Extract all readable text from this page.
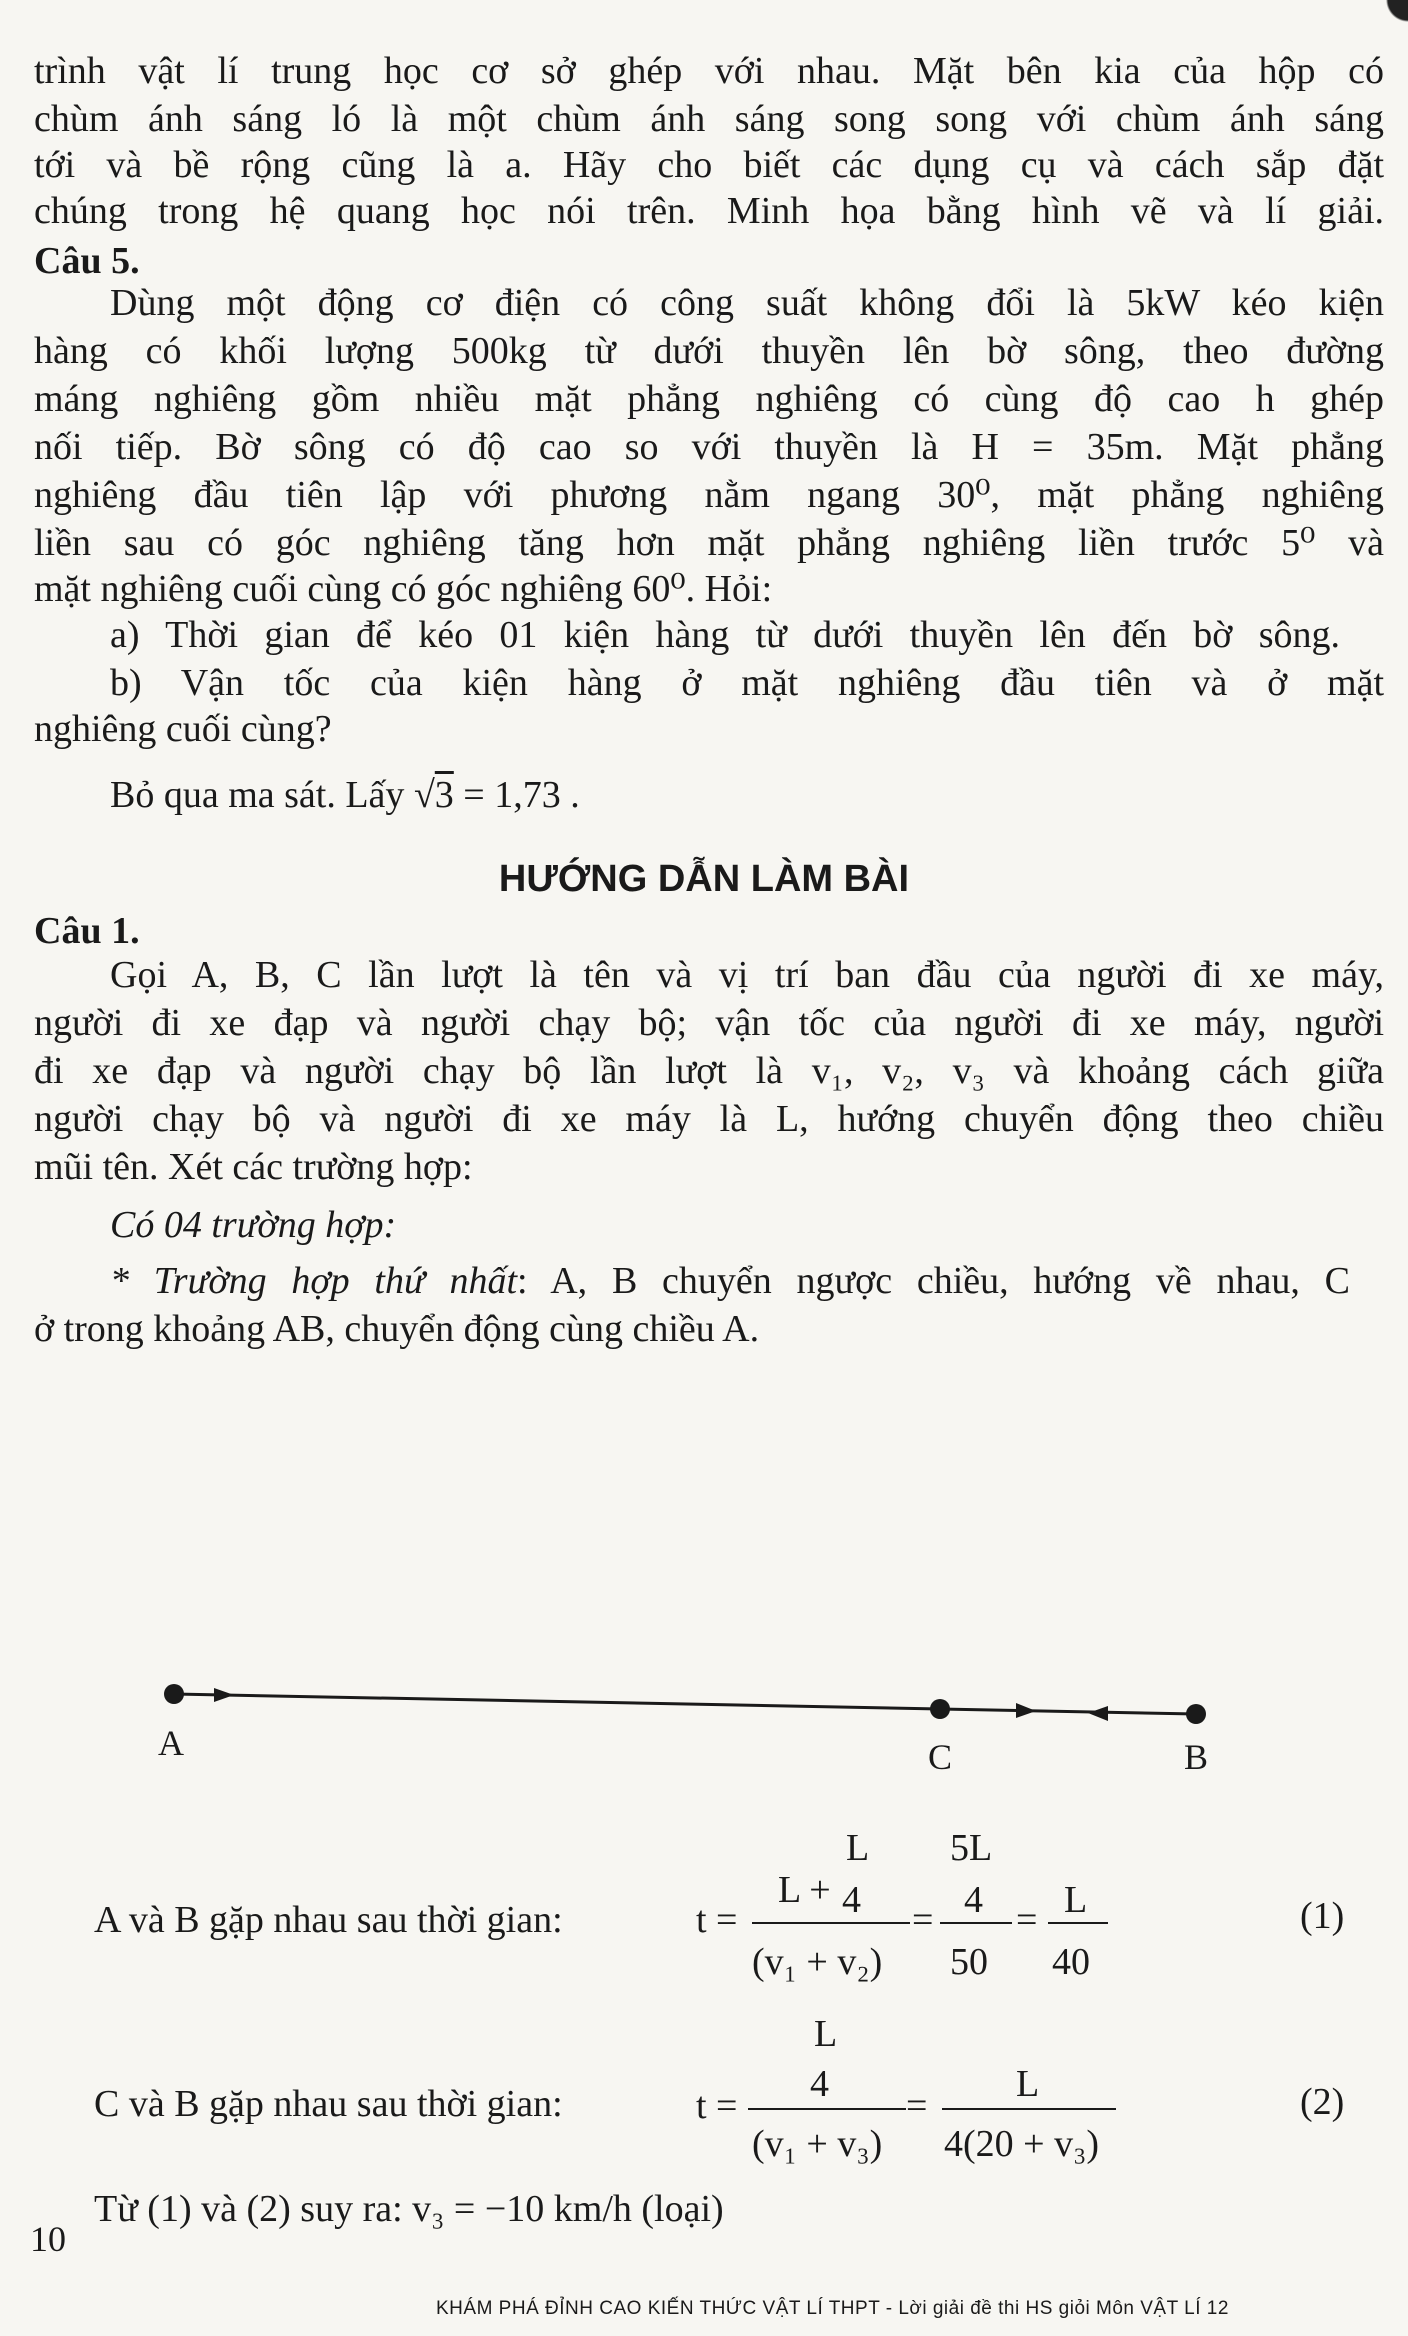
trình vật lí trung học cơ sở ghép với nhau. Mặt bên kia của hộp có
chùm ánh sáng ló là một chùm ánh sáng song song với chùm ánh sáng
tới và bề rộng cũng là a. Hãy cho biết các dụng cụ và cách sắp đặt
chúng trong hệ quang học nói trên. Minh họa bằng hình vẽ và lí giải.
Câu 5.
Dùng một động cơ điện có công suất không đổi là 5kW kéo kiện
hàng có khối lượng 500kg từ dưới thuyền lên bờ sông, theo đường
máng nghiêng gồm nhiều mặt phẳng nghiêng có cùng độ cao h ghép
nối tiếp. Bờ sông có độ cao so với thuyền là H = 35m. Mặt phẳng
nghiêng đầu tiên lập với phương nằm ngang 30⁰, mặt phẳng nghiêng
liền sau có góc nghiêng tăng hơn mặt phẳng nghiêng liền trước 5⁰ và
mặt nghiêng cuối cùng có góc nghiêng 60⁰. Hỏi:
a) Thời gian để kéo 01 kiện hàng từ dưới thuyền lên đến bờ sông.
b) Vận tốc của kiện hàng ở mặt nghiêng đầu tiên và ở mặt
nghiêng cuối cùng?
Bỏ qua ma sát. Lấy √3 = 1,73 .
HƯỚNG DẪN LÀM BÀI
Câu 1.
Gọi A, B, C lần lượt là tên và vị trí ban đầu của người đi xe máy,
người đi xe đạp và người chạy bộ; vận tốc của người đi xe máy, người
đi xe đạp và người chạy bộ lần lượt là v₁, v₂, v₃ và khoảng cách giữa
người chạy bộ và người đi xe máy là L, hướng chuyển động theo chiều
mũi tên. Xét các trường hợp:
Có 04 trường hợp:
* Trường hợp thứ nhất: A, B chuyển ngược chiều, hướng về nhau, C
ở trong khoảng AB, chuyển động cùng chiều A.
A	C	B
A và B gặp nhau sau thời gian:	t =
L
L + 4
(v₁ + v₂)
=
5L
4
50
= L
40
(1)
C và B gặp nhau sau thời gian:	t =
L
4
(v₁ + v₃)
=
L
4(20 + v₃)
(2)
Từ (1) và (2) suy ra: v₃ = −10 km/h (loại)
10
KHÁM PHÁ ĐỈNH CAO KIẾN THỨC VẬT LÍ THPT - Lời giải đề thi HS giỏi Môn VẬT LÍ 12
